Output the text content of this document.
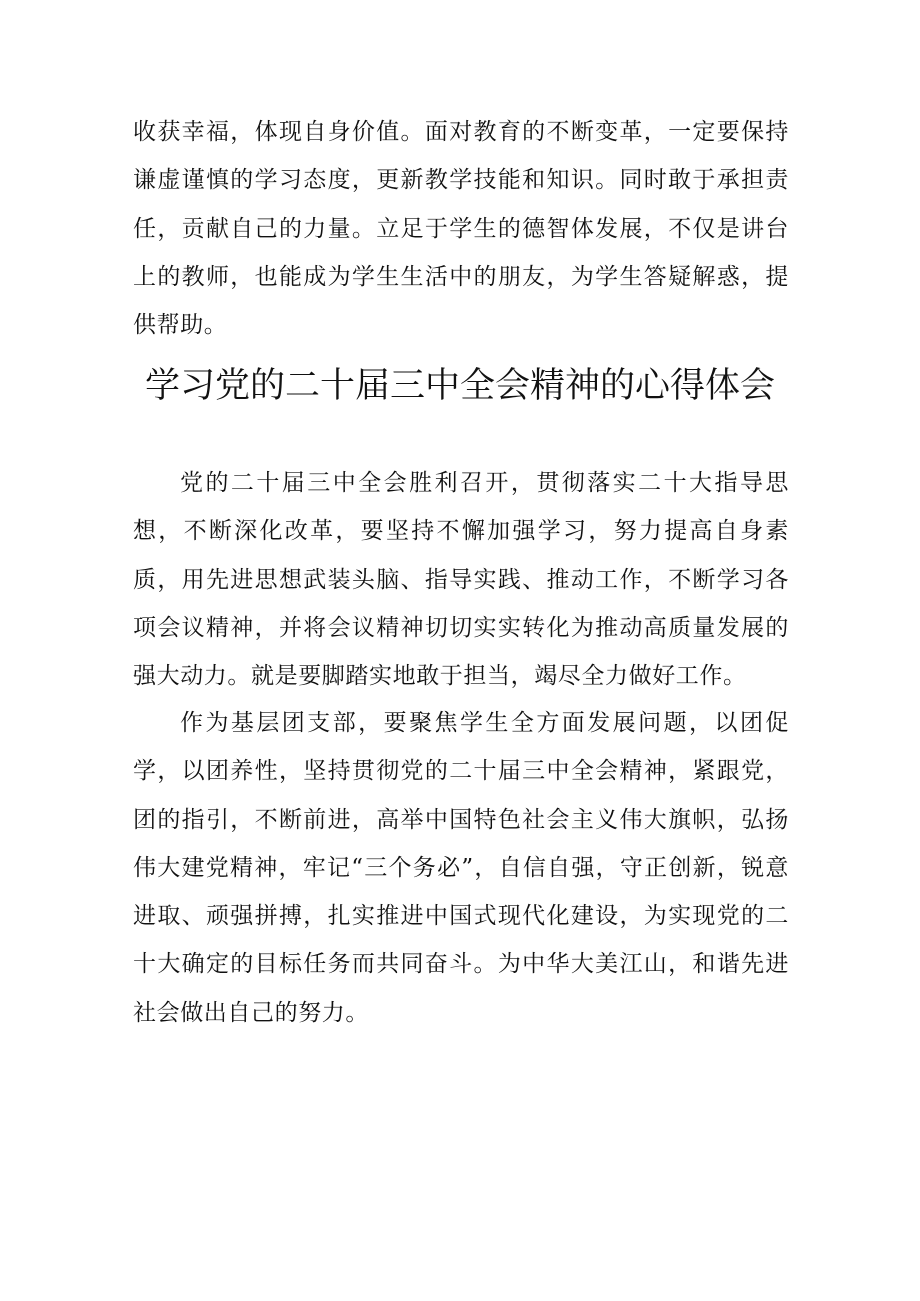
收获幸福，体现自身价值。面对教育的不断变革，一定要保持谦虚谨慎的学习态度，更新教学技能和知识。同时敢于承担责任，贡献自己的力量。立足于学生的德智体发展，不仅是讲台上的教师，也能成为学生生活中的朋友，为学生答疑解惑，提供帮助。

学习党的二十届三中全会精神的心得体会

党的二十届三中全会胜利召开，贯彻落实二十大指导思想，不断深化改革，要坚持不懈加强学习，努力提高自身素质，用先进思想武装头脑、指导实践、推动工作，不断学习各项会议精神，并将会议精神切切实实转化为推动高质量发展的强大动力。就是要脚踏实地敢于担当，竭尽全力做好工作。

作为基层团支部，要聚焦学生全方面发展问题，以团促学，以团养性，坚持贯彻党的二十届三中全会精神，紧跟党，团的指引，不断前进，高举中国特色社会主义伟大旗帜，弘扬伟大建党精神，牢记“三个务必”，自信自强，守正创新，锐意进取、顽强拼搏，扎实推进中国式现代化建设，为实现党的二十大确定的目标任务而共同奋斗。为中华大美江山，和谐先进社会做出自己的努力。
